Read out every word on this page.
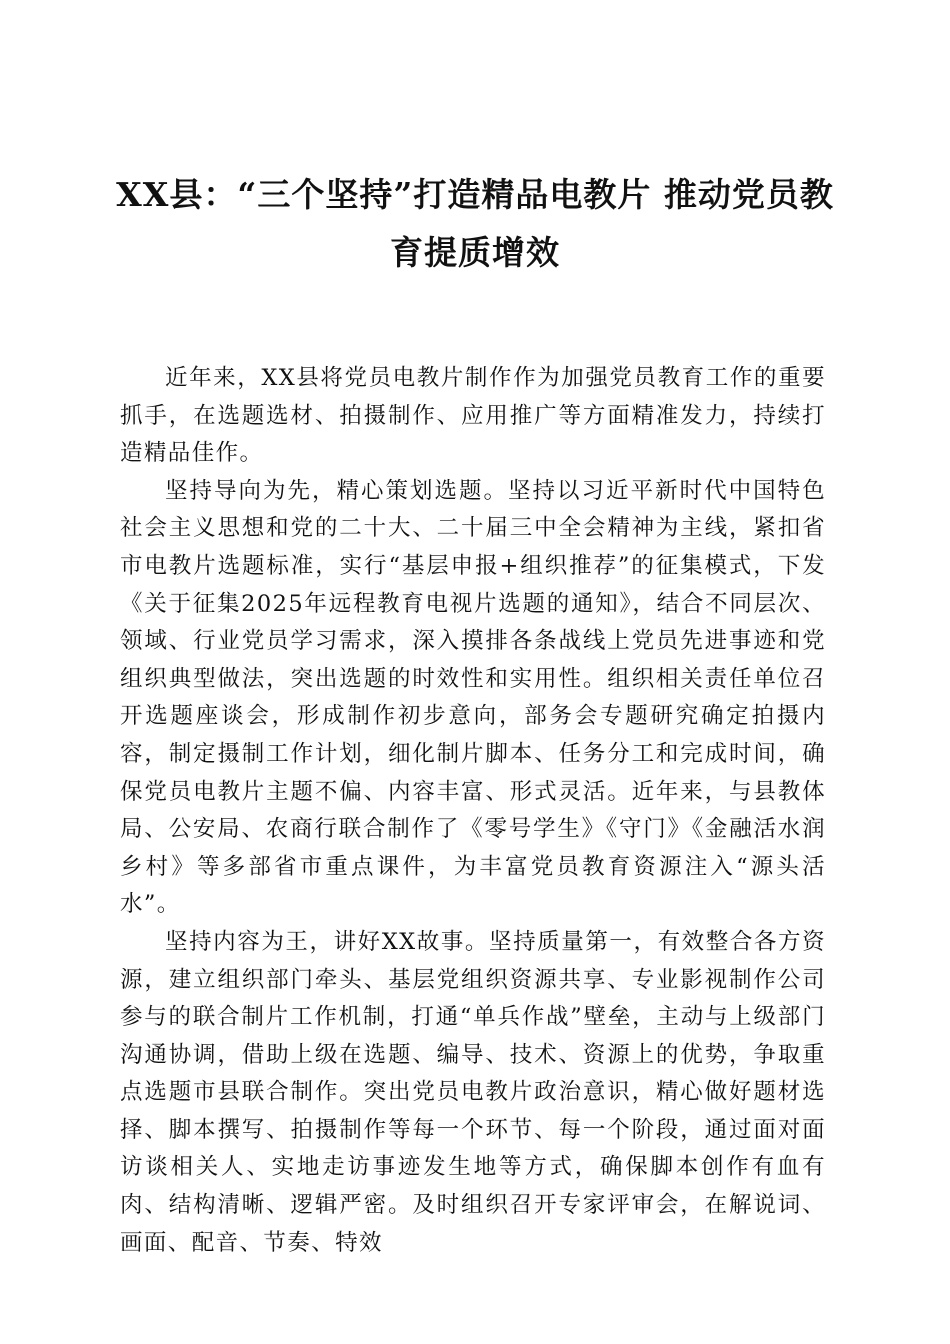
XX县：“三个坚持”打造精品电教片 推动党员教育提质增效

近年来，XX县将党员电教片制作作为加强党员教育工作的重要抓手，在选题选材、拍摄制作、应用推广等方面精准发力，持续打造精品佳作。

坚持导向为先，精心策划选题。坚持以习近平新时代中国特色社会主义思想和党的二十大、二十届三中全会精神为主线，紧扣省市电教片选题标准，实行“基层申报+组织推荐”的征集模式，下发《关于征集2025年远程教育电视片选题的通知》，结合不同层次、领域、行业党员学习需求，深入摸排各条战线上党员先进事迹和党组织典型做法，突出选题的时效性和实用性。组织相关责任单位召开选题座谈会，形成制作初步意向，部务会专题研究确定拍摄内容，制定摄制工作计划，细化制片脚本、任务分工和完成时间，确保党员电教片主题不偏、内容丰富、形式灵活。近年来，与县教体局、公安局、农商行联合制作了《零号学生》《守门》《金融活水润乡村》等多部省市重点课件，为丰富党员教育资源注入“源头活水”。

坚持内容为王，讲好XX故事。坚持质量第一，有效整合各方资源，建立组织部门牵头、基层党组织资源共享、专业影视制作公司参与的联合制片工作机制，打通“单兵作战”壁垒，主动与上级部门沟通协调，借助上级在选题、编导、技术、资源上的优势，争取重点选题市县联合制作。突出党员电教片政治意识，精心做好题材选择、脚本撰写、拍摄制作等每一个环节、每一个阶段，通过面对面访谈相关人、实地走访事迹发生地等方式，确保脚本创作有血有肉、结构清晰、逻辑严密。及时组织召开专家评审会，在解说词、画面、配音、节奏、特效
